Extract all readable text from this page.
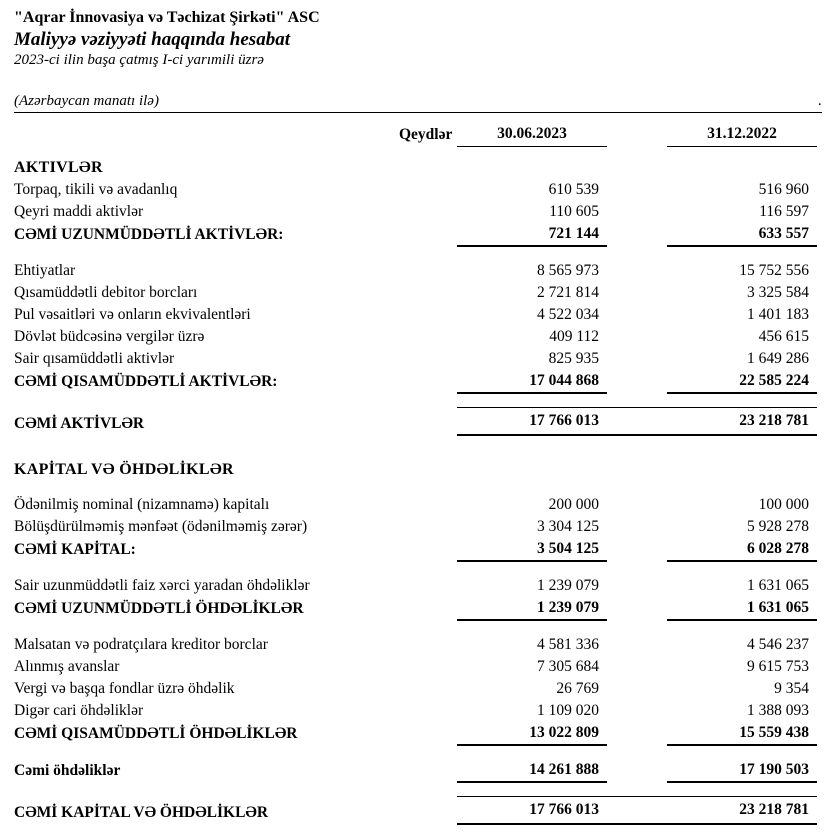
"Aqrar İnnovasiya və Təchizat Şirkəti" ASC
Maliyyə vəziyyəti haqqında hesabat
2023-ci ilin başa çatmış I-ci yarımili üzrə
(Azərbaycan manatı ilə)	.
	Qeydlər	30.06.2023		31.12.2022
AKTIVLƏR				
Torpaq, tikili və avadanlıq		610 539		516 960
Qeyri maddi aktivlər		110 605		116 597
CƏMİ UZUNMÜDDƏTLİ AKTİVLƏR:		721 144		633 557

Ehtiyatlar		8 565 973		15 752 556
Qısamüddətli debitor borcları		2 721 814		3 325 584
Pul vəsaitləri və onların ekvivalentləri		4 522 034		1 401 183
Dövlət büdcəsinə vergilər üzrə		409 112		456 615
Sair qısamüddətli aktivlər		825 935		1 649 286
CƏMİ QISAMÜDDƏTLİ AKTİVLƏR:		17 044 868		22 585 224

CƏMİ AKTİVLƏR		17 766 013		23 218 781

KAPİTAL VƏ ÖHDƏLİKLƏR				

Ödənilmiş nominal (nizamnamə) kapitalı		200 000		100 000
Bölüşdürülməmiş mənfəət (ödənilməmiş zərər)		3 304 125		5 928 278
CƏMİ KAPİTAL:		3 504 125		6 028 278

Sair uzunmüddətli faiz xərci yaradan öhdəliklər		1 239 079		1 631 065
CƏMİ UZUNMÜDDƏTLİ ÖHDƏLİKLƏR		1 239 079		1 631 065

Malsatan və podratçılara kreditor borclar		4 581 336		4 546 237
Alınmış avanslar		7 305 684		9 615 753
Vergi və başqa fondlar üzrə öhdəlik		26 769		9 354
Digər cari öhdəliklər		1 109 020		1 388 093
CƏMİ QISAMÜDDƏTLİ ÖHDƏLİKLƏR		13 022 809		15 559 438

Cəmi öhdəliklər		14 261 888		17 190 503

CƏMİ KAPİTAL VƏ ÖHDƏLİKLƏR		17 766 013		23 218 781
